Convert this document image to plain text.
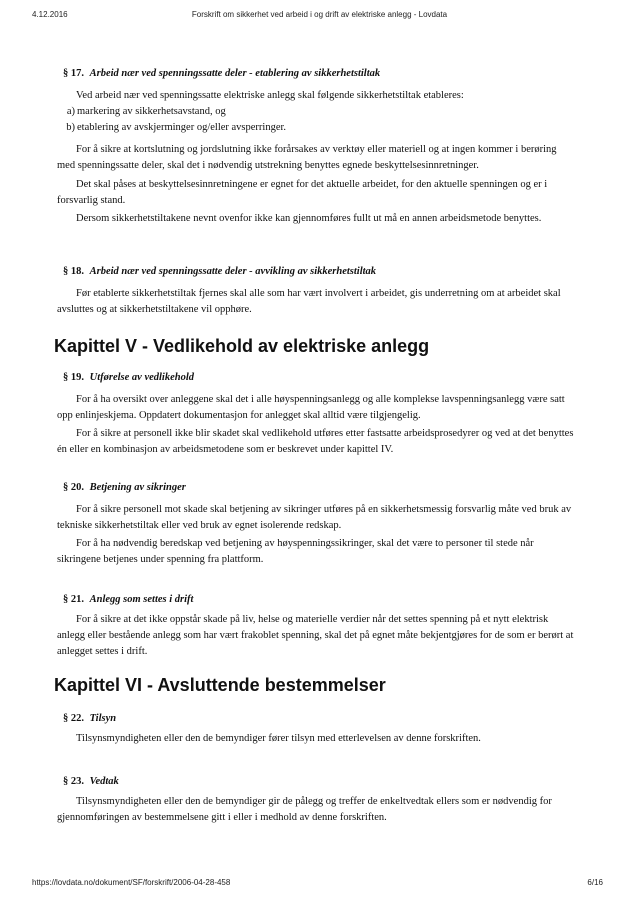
4.12.2016	Forskrift om sikkerhet ved arbeid i og drift av elektriske anlegg - Lovdata
§ 17. Arbeid nær ved spenningssatte deler - etablering av sikkerhetstiltak

Ved arbeid nær ved spenningssatte elektriske anlegg skal følgende sikkerhetstiltak etableres:

a) markering av sikkerhetsavstand, og
b) etablering av avskjerminger og/eller avsperringer.

For å sikre at kortslutning og jordslutning ikke forårsakes av verktøy eller materiell og at ingen kommer i berøring med spenningssatte deler, skal det i nødvendig utstrekning benyttes egnede beskyttelsesinnretninger.

Det skal påses at beskyttelsesinnretningene er egnet for det aktuelle arbeidet, for den aktuelle spenningen og er i forsvarlig stand.

Dersom sikkerhetstiltakene nevnt ovenfor ikke kan gjennomføres fullt ut må en annen arbeidsmetode benyttes.

§ 18. Arbeid nær ved spenningssatte deler - avvikling av sikkerhetstiltak

Før etablerte sikkerhetstiltak fjernes skal alle som har vært involvert i arbeidet, gis underretning om at arbeidet skal avsluttes og at sikkerhetstiltakene vil opphøre.

Kapittel V - Vedlikehold av elektriske anlegg
§ 19. Utførelse av vedlikehold

For å ha oversikt over anleggene skal det i alle høyspenningsanlegg og alle komplekse lavspenningsanlegg være satt opp enlinjeskjema. Oppdatert dokumentasjon for anlegget skal alltid være tilgjengelig.

For å sikre at personell ikke blir skadet skal vedlikehold utføres etter fastsatte arbeidsprosedyrer og ved at det benyttes én eller en kombinasjon av arbeidsmetodene som er beskrevet under kapittel IV.

§ 20. Betjening av sikringer

For å sikre personell mot skade skal betjening av sikringer utføres på en sikkerhetsmessig forsvarlig måte ved bruk av tekniske sikkerhetstiltak eller ved bruk av egnet isolerende redskap.

For å ha nødvendig beredskap ved betjening av høyspenningssikringer, skal det være to personer til stede når sikringene betjenes under spenning fra plattform.

§ 21. Anlegg som settes i drift

For å sikre at det ikke oppstår skade på liv, helse og materielle verdier når det settes spenning på et nytt elektrisk anlegg eller bestående anlegg som har vært frakoblet spenning, skal det på egnet måte bekjentgjøres for de som er berørt at anlegget settes i drift.

Kapittel VI - Avsluttende bestemmelser
§ 22. Tilsyn

Tilsynsmyndigheten eller den de bemyndiger fører tilsyn med etterlevelsen av denne forskriften.

§ 23. Vedtak

Tilsynsmyndigheten eller den de bemyndiger gir de pålegg og treffer de enkeltvedtak ellers som er nødvendig for gjennomføringen av bestemmelsene gitt i eller i medhold av denne forskriften.

https://lovdata.no/dokument/SF/forskrift/2006-04-28-458	6/16
